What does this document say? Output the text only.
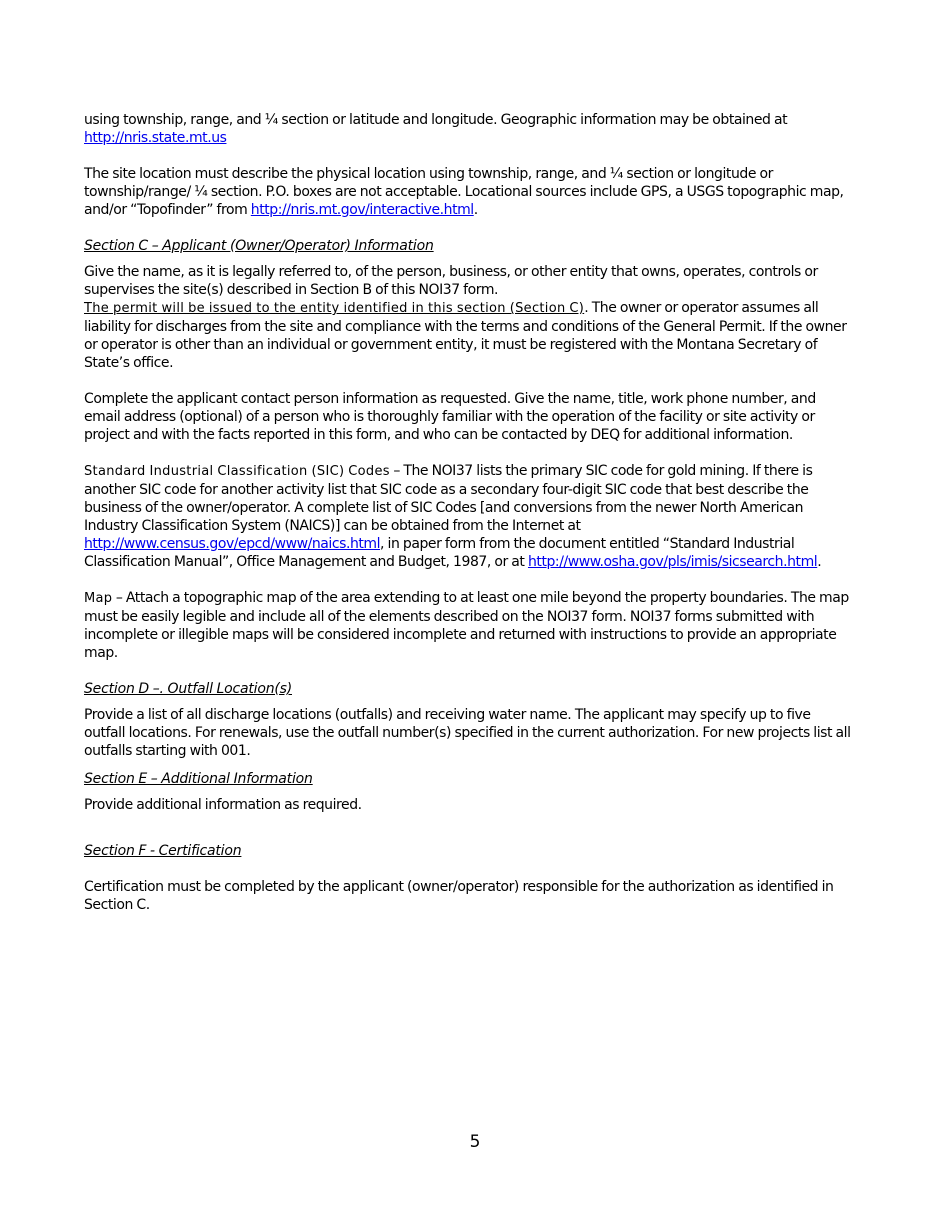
using township, range, and ¼ section or latitude and longitude. Geographic information may be obtained at
http://nris.state.mt.us

The site location must describe the physical location using township, range, and ¼ section or longitude or township/range/ ¼ section. P.O. boxes are not acceptable. Locational sources include GPS, a USGS topographic map, and/or “Topofinder” from http://nris.mt.gov/interactive.html.

Section C – Applicant (Owner/Operator) Information

Give the name, as it is legally referred to, of the person, business, or other entity that owns, operates, controls or supervises the site(s) described in Section B of this NOI37 form.

The permit will be issued to the entity identified in this section (Section C). The owner or operator assumes all liability for discharges from the site and compliance with the terms and conditions of the General Permit. If the owner or operator is other than an individual or government entity, it must be registered with the Montana Secretary of State’s office.

Complete the applicant contact person information as requested. Give the name, title, work phone number, and email address (optional) of a person who is thoroughly familiar with the operation of the facility or site activity or project and with the facts reported in this form, and who can be contacted by DEQ for additional information.

Standard Industrial Classification (SIC) Codes – The NOI37 lists the primary SIC code for gold mining. If there is another SIC code for another activity list that SIC code as a secondary four-digit SIC code that best describe the business of the owner/operator. A complete list of SIC Codes [and conversions from the newer North American Industry Classification System (NAICS)] can be obtained from the Internet at http://www.census.gov/epcd/www/naics.html, in paper form from the document entitled “Standard Industrial Classification Manual”, Office Management and Budget, 1987, or at http://www.osha.gov/pls/imis/sicsearch.html.

Map – Attach a topographic map of the area extending to at least one mile beyond the property boundaries. The map must be easily legible and include all of the elements described on the NOI37 form. NOI37 forms submitted with incomplete or illegible maps will be considered incomplete and returned with instructions to provide an appropriate map.

Section D –. Outfall Location(s)

Provide a list of all discharge locations (outfalls) and receiving water name. The applicant may specify up to five outfall locations. For renewals, use the outfall number(s) specified in the current authorization. For new projects list all outfalls starting with 001.

Section E – Additional Information

Provide additional information as required.

Section F - Certification

Certification must be completed by the applicant (owner/operator) responsible for the authorization as identified in Section C.

5
